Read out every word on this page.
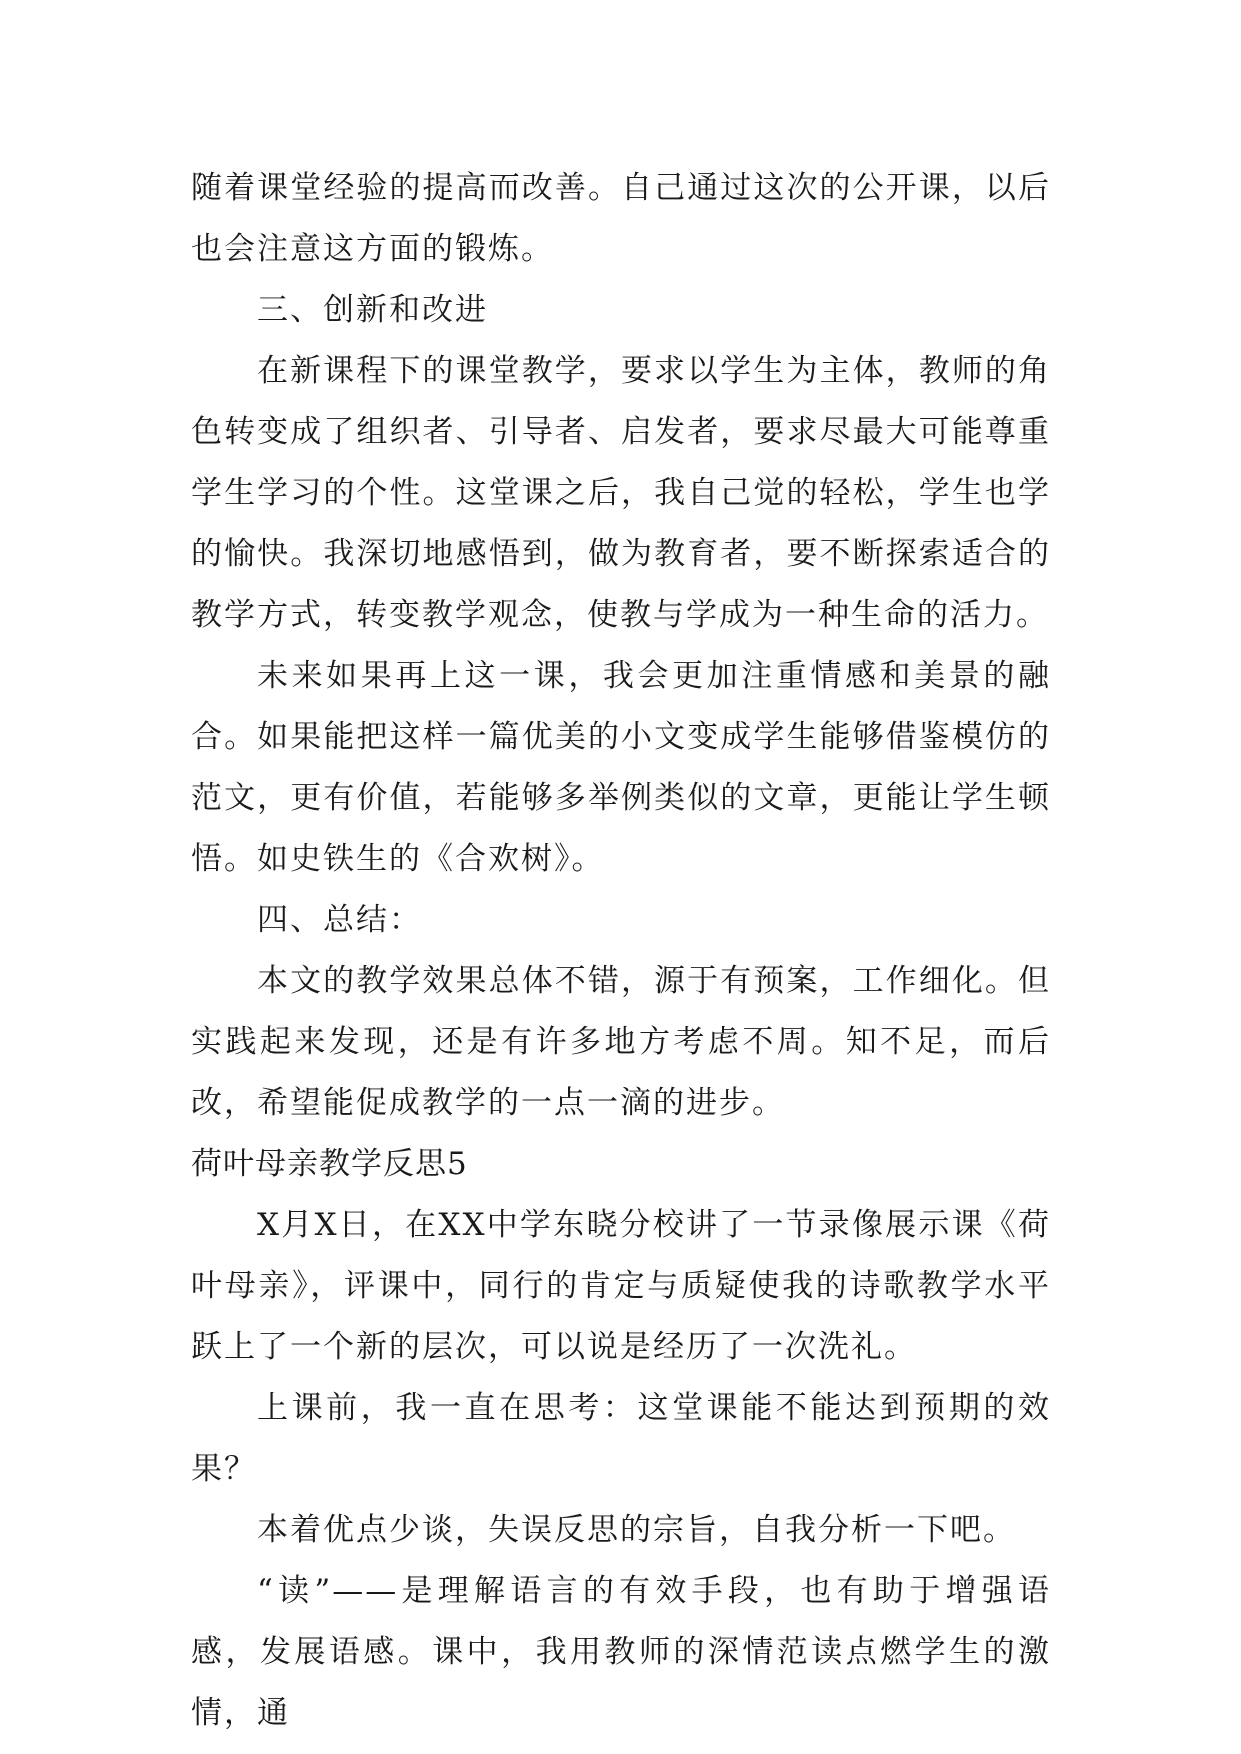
随着课堂经验的提高而改善。自己通过这次的公开课，以后也会注意这方面的锻炼。

三、创新和改进

在新课程下的课堂教学，要求以学生为主体，教师的角色转变成了组织者、引导者、启发者，要求尽最大可能尊重学生学习的个性。这堂课之后，我自己觉的轻松，学生也学的愉快。我深切地感悟到，做为教育者，要不断探索适合的教学方式，转变教学观念，使教与学成为一种生命的活力。

未来如果再上这一课，我会更加注重情感和美景的融合。如果能把这样一篇优美的小文变成学生能够借鉴模仿的范文，更有价值，若能够多举例类似的文章，更能让学生顿悟。如史铁生的《合欢树》。

四、总结：

本文的教学效果总体不错，源于有预案，工作细化。但实践起来发现，还是有许多地方考虑不周。知不足，而后改，希望能促成教学的一点一滴的进步。

荷叶母亲教学反思5

X月X日，在XX中学东晓分校讲了一节录像展示课《荷叶母亲》，评课中，同行的肯定与质疑使我的诗歌教学水平跃上了一个新的层次，可以说是经历了一次洗礼。

上课前，我一直在思考：这堂课能不能达到预期的效果？

本着优点少谈，失误反思的宗旨，自我分析一下吧。

“读”——是理解语言的有效手段，也有助于增强语感，发展语感。课中，我用教师的深情范读点燃学生的激情，通
